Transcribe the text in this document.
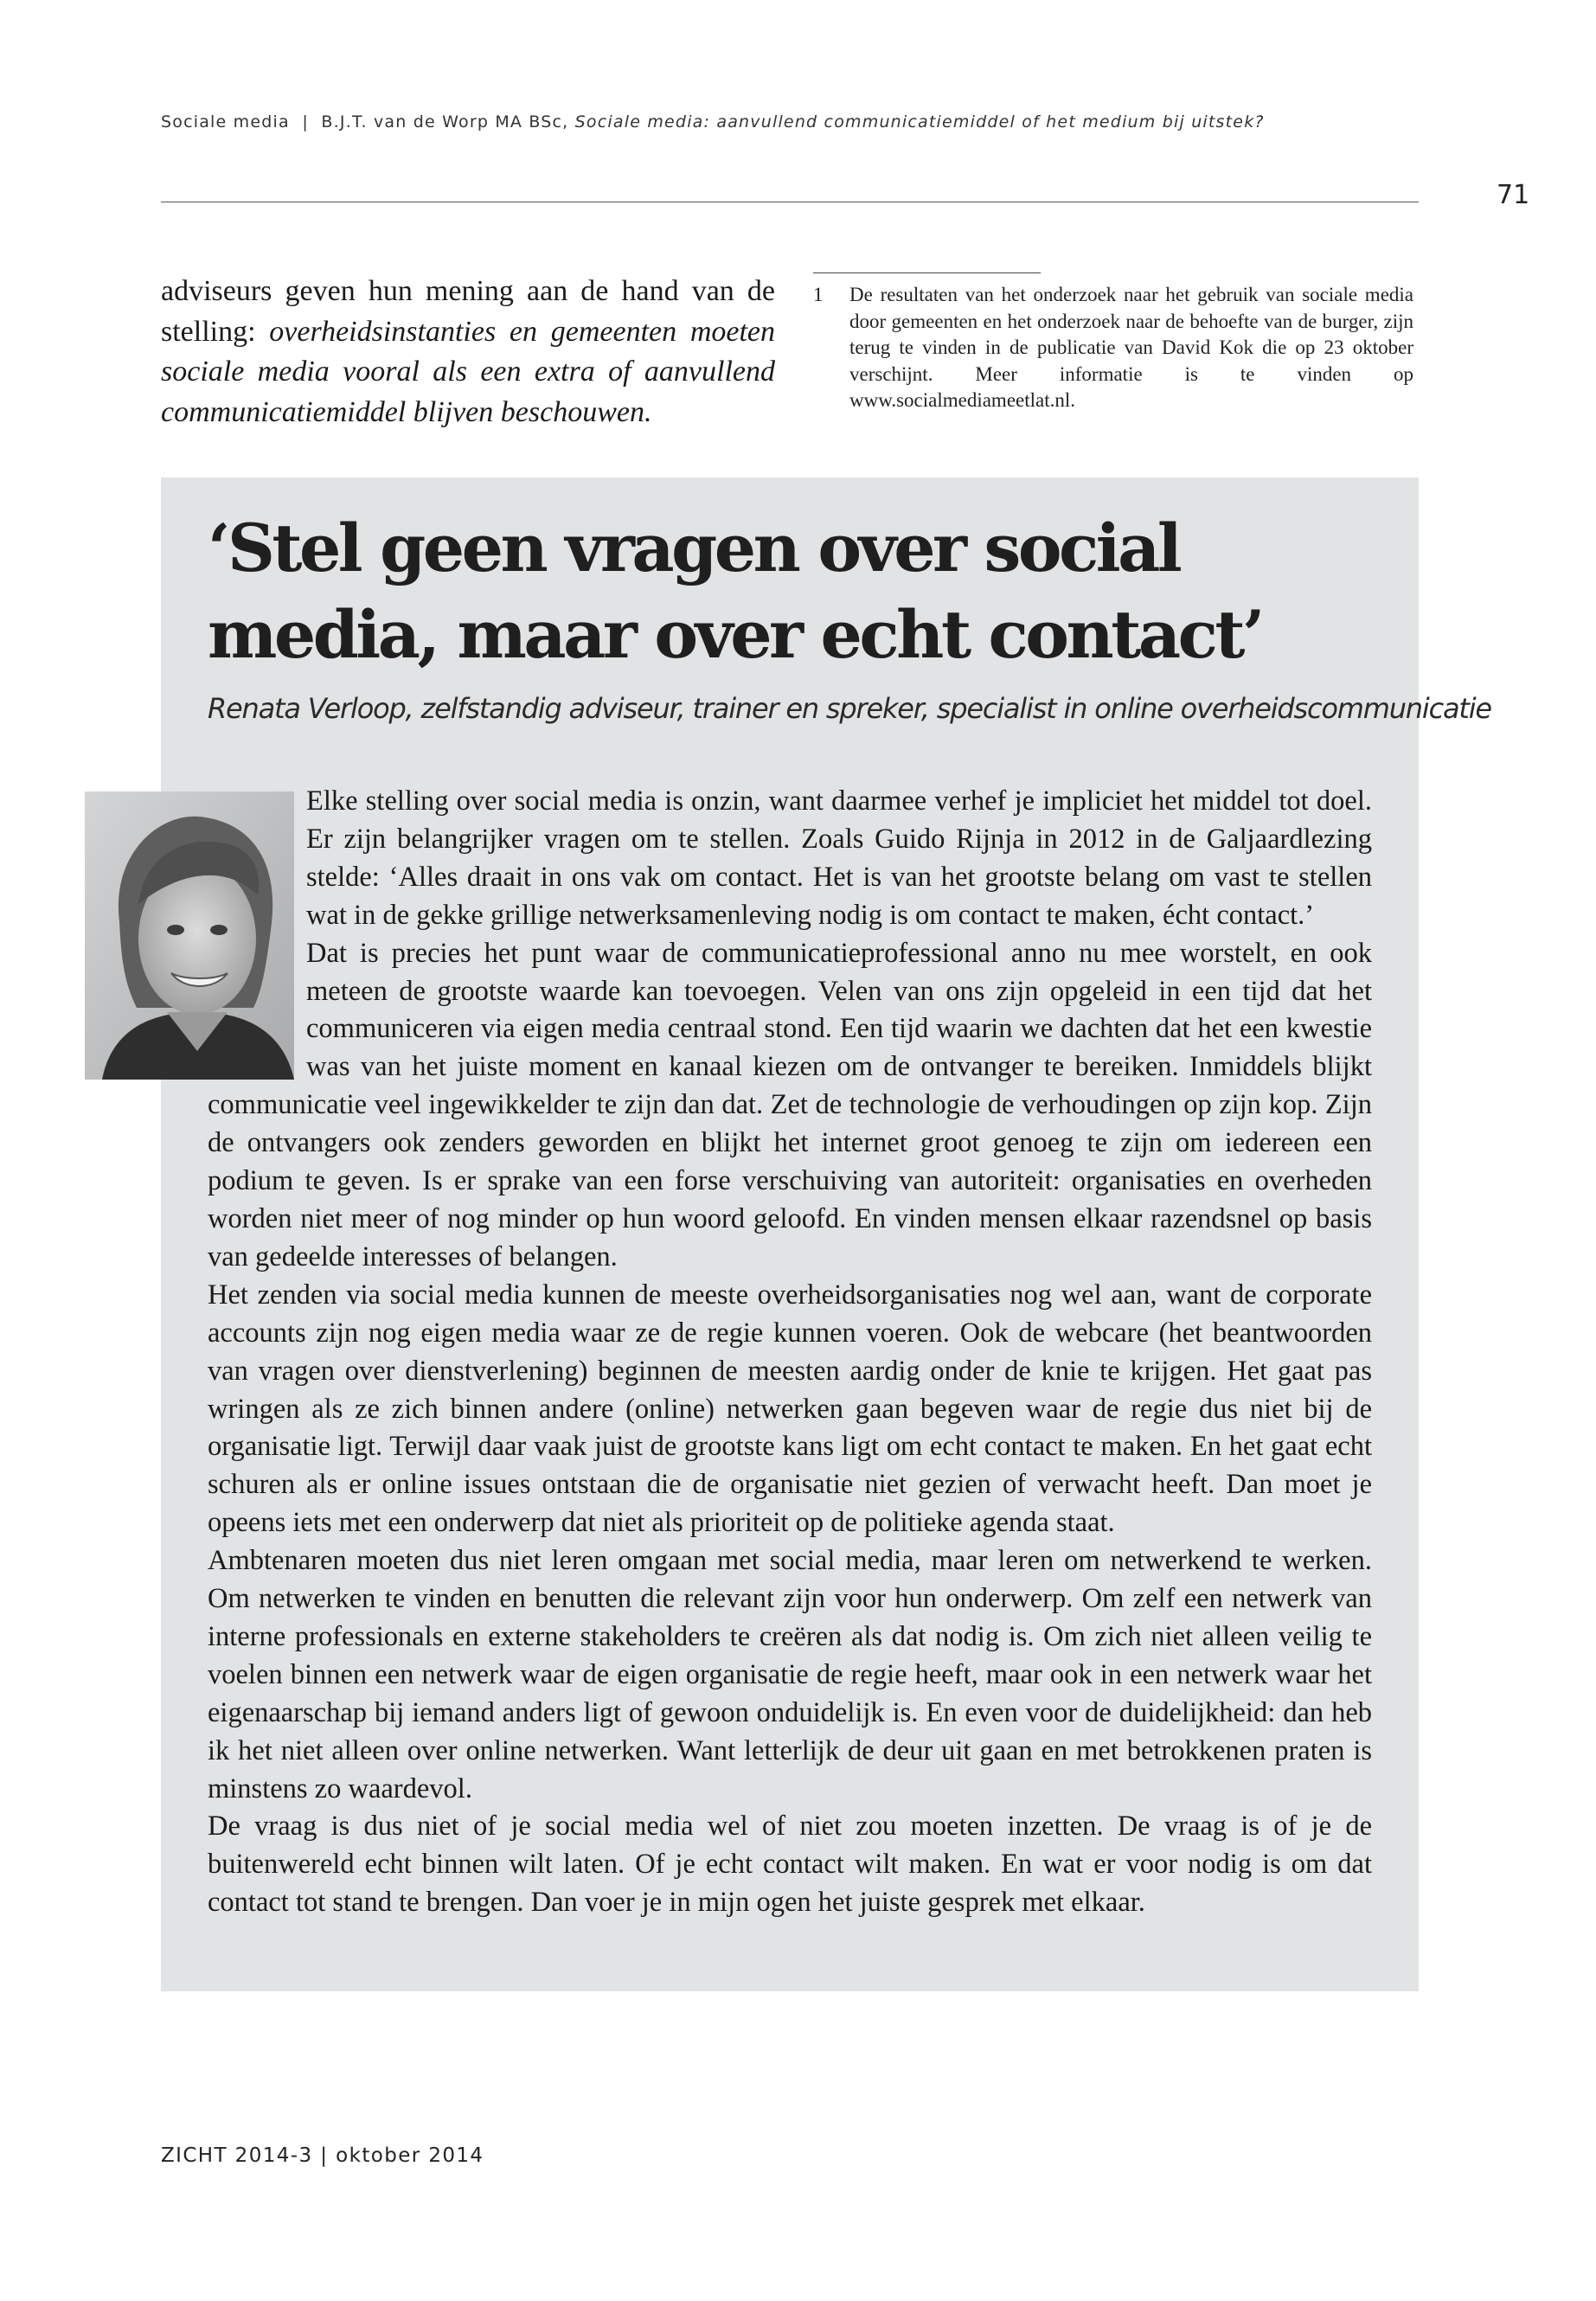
Sociale media | B.J.T. van de Worp MA BSc, Sociale media: aanvullend communicatiemiddel of het medium bij uitstek?
71
adviseurs geven hun mening aan de hand van de stelling: overheidsinstanties en gemeenten moeten sociale media vooral als een extra of aanvullend communicatiemiddel blijven beschouwen.
1 De resultaten van het onderzoek naar het gebruik van sociale media door gemeenten en het onderzoek naar de behoefte van de burger, zijn terug te vinden in de publicatie van David Kok die op 23 oktober verschijnt. Meer informatie is te vinden op www.socialmediameetlat.nl.
‘Stel geen vragen over social media, maar over echt contact’
Renata Verloop, zelfstandig adviseur, trainer en spreker, specialist in online overheidscommunicatie

Elke stelling over social media is onzin, want daarmee verhef je impliciet het middel tot doel. Er zijn belangrijker vragen om te stellen. Zoals Guido Rijnja in 2012 in de Galjaardlezing stelde: ‘Alles draait in ons vak om contact. Het is van het grootste belang om vast te stellen wat in de gekke grillige netwerksamenleving nodig is om contact te maken, écht contact.’

Dat is precies het punt waar de communicatieprofessional anno nu mee worstelt, en ook meteen de grootste waarde kan toevoegen. Velen van ons zijn opgeleid in een tijd dat het communiceren via eigen media centraal stond. Een tijd waarin we dachten dat het een kwestie was van het juiste moment en kanaal kiezen om de ontvanger te bereiken. Inmiddels blijkt communicatie veel ingewikkelder te zijn dan dat. Zet de technologie de verhoudingen op zijn kop. Zijn de ontvangers ook zenders geworden en blijkt het internet groot genoeg te zijn om iedereen een podium te geven. Is er sprake van een forse verschuiving van autoriteit: organisaties en overheden worden niet meer of nog minder op hun woord geloofd. En vinden mensen elkaar razendsnel op basis van gedeelde interesses of belangen.

Het zenden via social media kunnen de meeste overheidsorganisaties nog wel aan, want de corporate accounts zijn nog eigen media waar ze de regie kunnen voeren. Ook de webcare (het beantwoorden van vragen over dienstverlening) beginnen de meesten aardig onder de knie te krijgen. Het gaat pas wringen als ze zich binnen andere (online) netwerken gaan begeven waar de regie dus niet bij de organisatie ligt. Terwijl daar vaak juist de grootste kans ligt om echt contact te maken. En het gaat echt schuren als er online issues ontstaan die de organisatie niet gezien of verwacht heeft. Dan moet je opeens iets met een onderwerp dat niet als prioriteit op de politieke agenda staat.

Ambtenaren moeten dus niet leren omgaan met social media, maar leren om netwerkend te werken. Om netwerken te vinden en benutten die relevant zijn voor hun onderwerp. Om zelf een netwerk van interne professionals en externe stakeholders te creëren als dat nodig is. Om zich niet alleen veilig te voelen binnen een netwerk waar de eigen organisatie de regie heeft, maar ook in een netwerk waar het eigenaarschap bij iemand anders ligt of gewoon onduidelijk is. En even voor de duidelijkheid: dan heb ik het niet alleen over online netwerken. Want letterlijk de deur uit gaan en met betrokkenen praten is minstens zo waardevol.

De vraag is dus niet of je social media wel of niet zou moeten inzetten. De vraag is of je de buitenwereld echt binnen wilt laten. Of je echt contact wilt maken. En wat er voor nodig is om dat contact tot stand te brengen. Dan voer je in mijn ogen het juiste gesprek met elkaar.

ZICHT 2014-3 | oktober 2014
